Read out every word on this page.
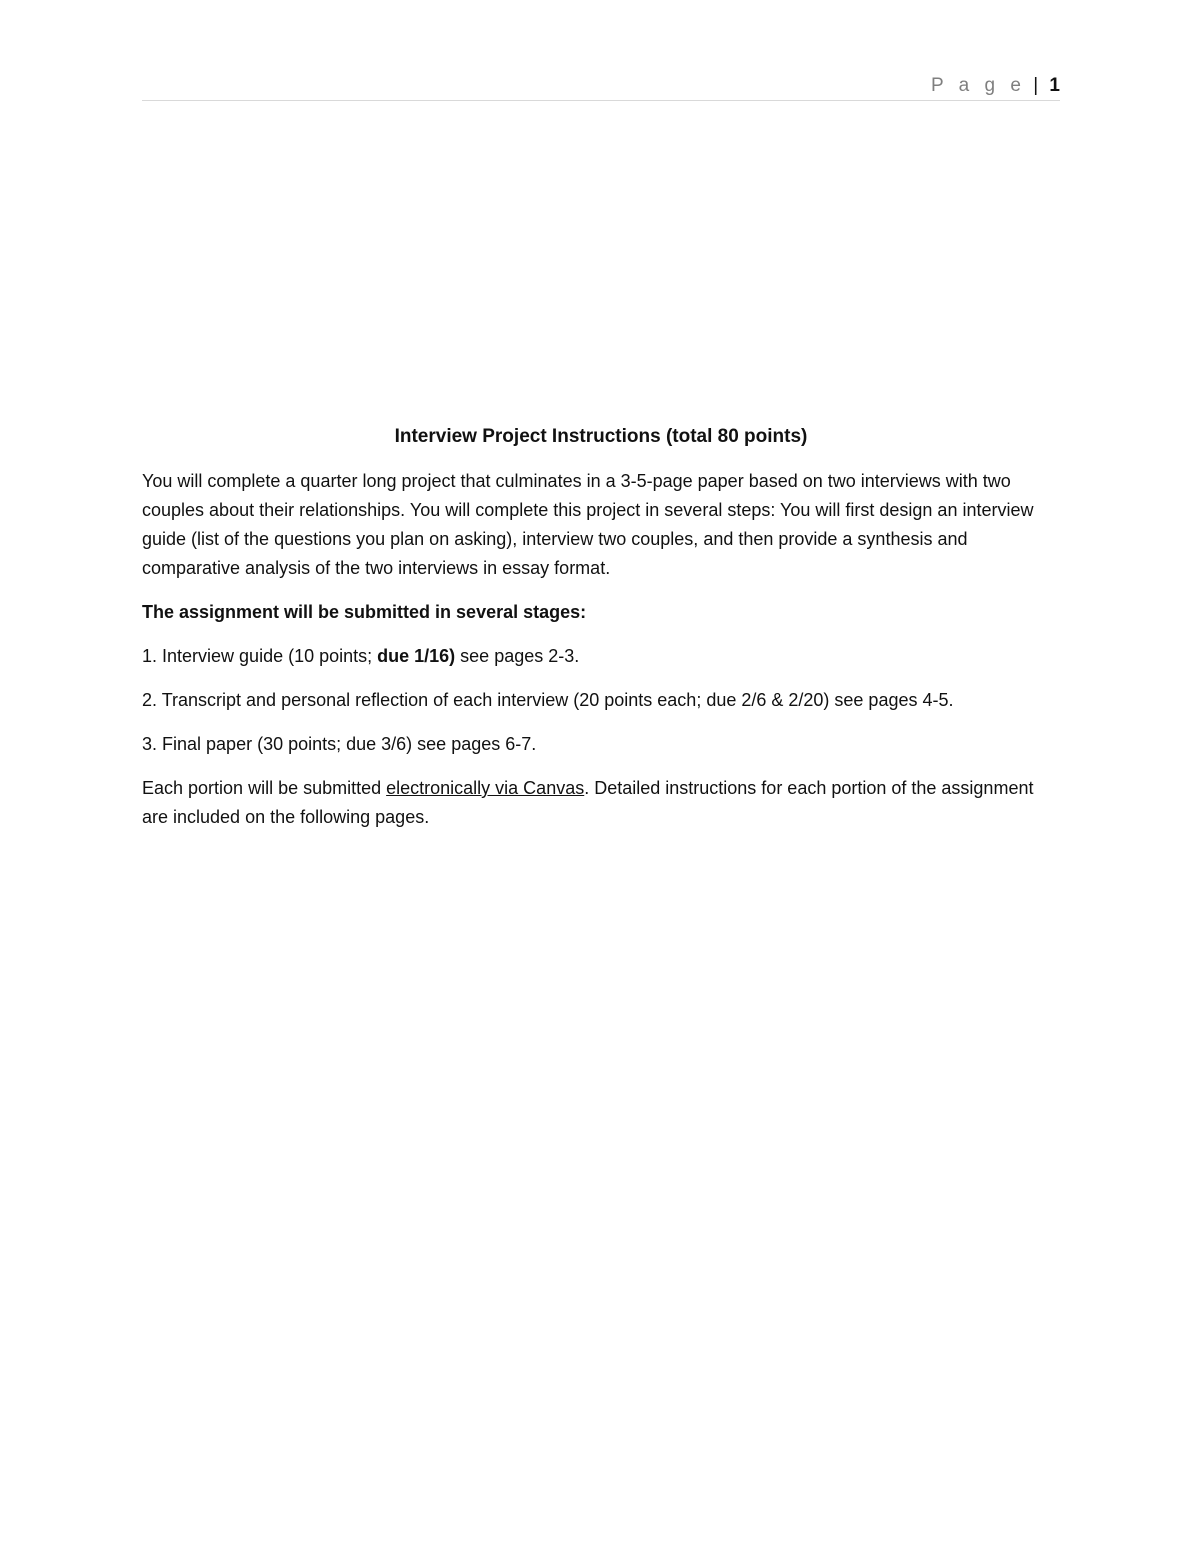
P a g e | 1
Interview Project Instructions (total 80 points)

You will complete a quarter long project that culminates in a 3-5-page paper based on two interviews with two couples about their relationships. You will complete this project in several steps: You will first design an interview guide (list of the questions you plan on asking), interview two couples, and then provide a synthesis and comparative analysis of the two interviews in essay format.

The assignment will be submitted in several stages:

1. Interview guide (10 points; due 1/16) see pages 2-3.

2. Transcript and personal reflection of each interview (20 points each; due 2/6 & 2/20) see pages 4-5.

3. Final paper (30 points; due 3/6) see pages 6-7.

Each portion will be submitted electronically via Canvas. Detailed instructions for each portion of the assignment are included on the following pages.
